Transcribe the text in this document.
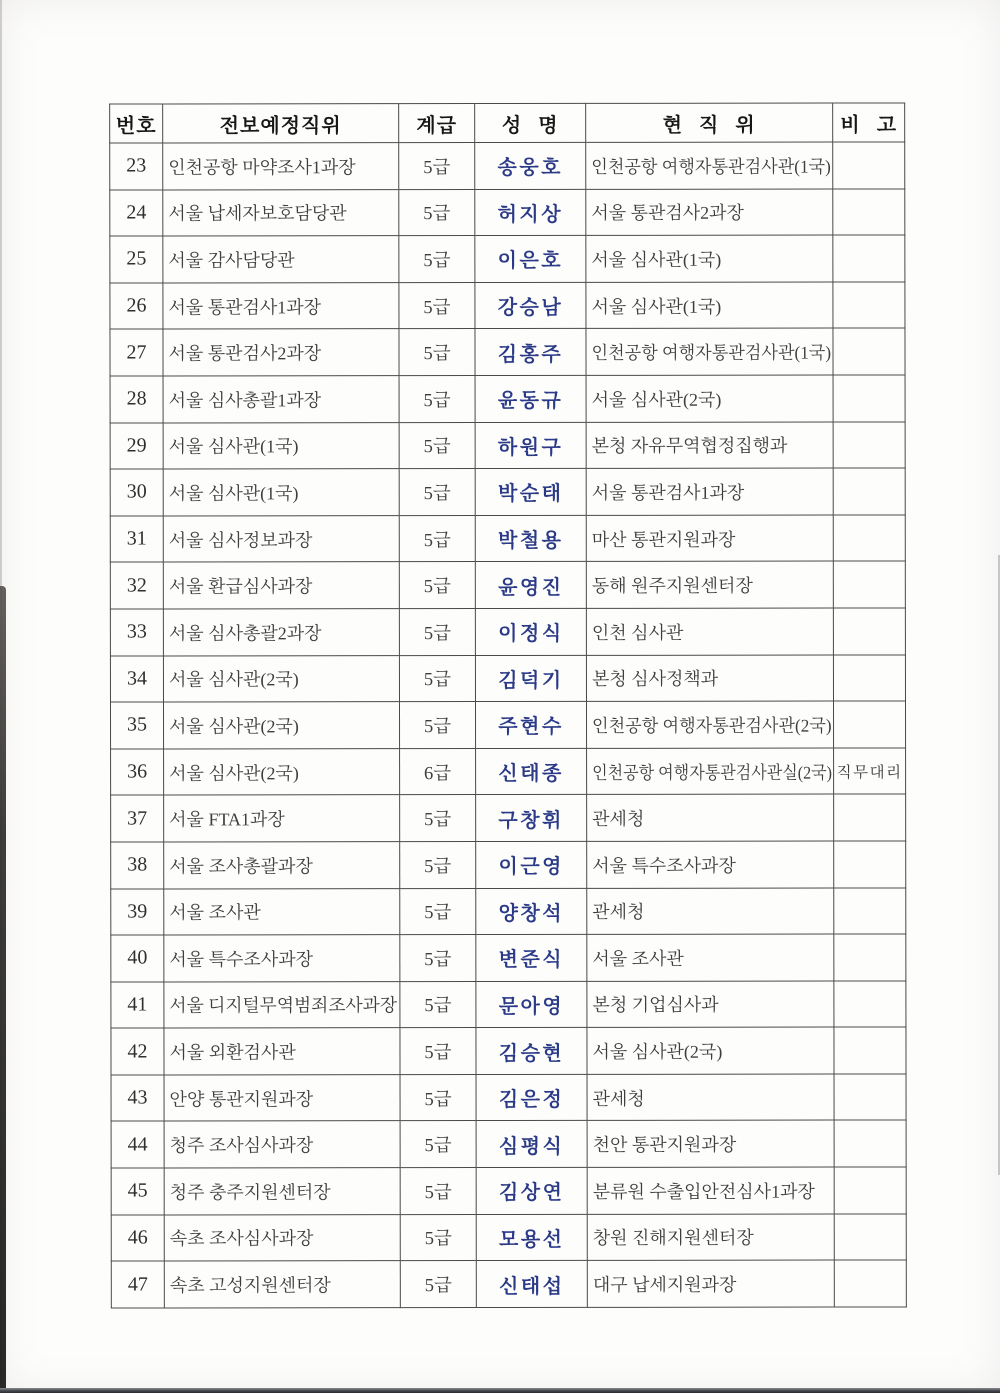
번호	전보예정직위	계급	성 명	현 직 위	비 고
23	인천공항 마약조사1과장	5급	송웅호	인천공항 여행자통관검사관(1국)	
24	서울 납세자보호담당관	5급	허지상	서울 통관검사2과장	
25	서울 감사담당관	5급	이은호	서울 심사관(1국)	
26	서울 통관검사1과장	5급	강승남	서울 심사관(1국)	
27	서울 통관검사2과장	5급	김홍주	인천공항 여행자통관검사관(1국)	
28	서울 심사총괄1과장	5급	윤동규	서울 심사관(2국)	
29	서울 심사관(1국)	5급	하원구	본청 자유무역협정집행과	
30	서울 심사관(1국)	5급	박순태	서울 통관검사1과장	
31	서울 심사정보과장	5급	박철용	마산 통관지원과장	
32	서울 환급심사과장	5급	윤영진	동해 원주지원센터장	
33	서울 심사총괄2과장	5급	이정식	인천 심사관	
34	서울 심사관(2국)	5급	김덕기	본청 심사정책과	
35	서울 심사관(2국)	5급	주현수	인천공항 여행자통관검사관(2국)	
36	서울 심사관(2국)	6급	신태종	인천공항 여행자통관검사관실(2국)	직무대리
37	서울 FTA1과장	5급	구창휘	관세청	
38	서울 조사총괄과장	5급	이근영	서울 특수조사과장	
39	서울 조사관	5급	양창석	관세청	
40	서울 특수조사과장	5급	변준식	서울 조사관	
41	서울 디지털무역범죄조사과장	5급	문아영	본청 기업심사과	
42	서울 외환검사관	5급	김승현	서울 심사관(2국)	
43	안양 통관지원과장	5급	김은정	관세청	
44	청주 조사심사과장	5급	심평식	천안 통관지원과장	
45	청주 충주지원센터장	5급	김상연	분류원 수출입안전심사1과장	
46	속초 조사심사과장	5급	모용선	창원 진해지원센터장	
47	속초 고성지원센터장	5급	신태섭	대구 납세지원과장	
